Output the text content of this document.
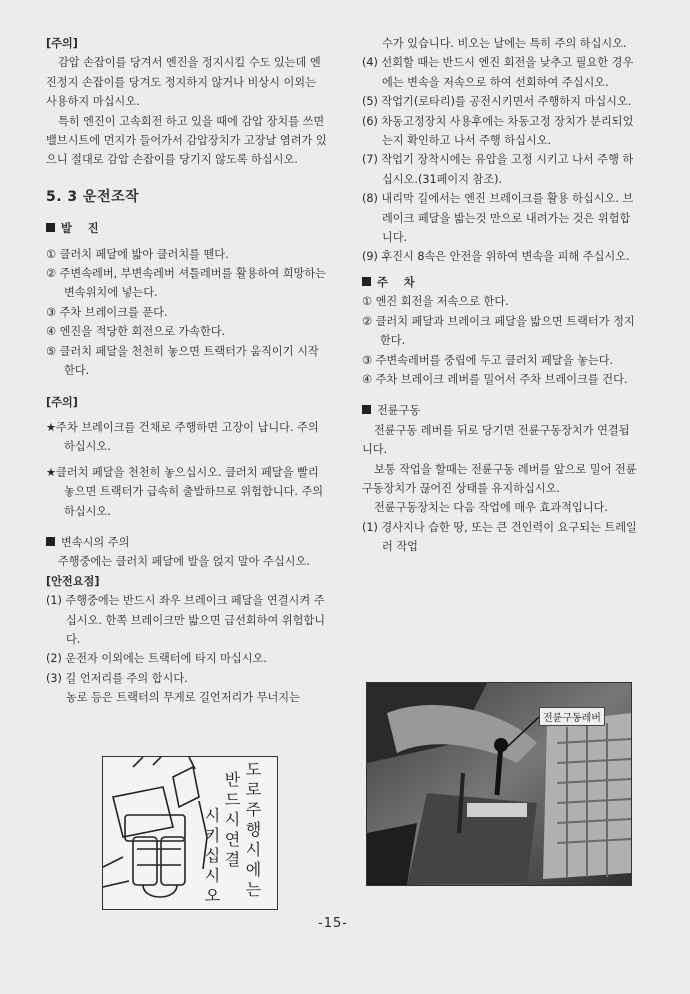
[주의]

감압 손잡이를 당겨서 엔진을 정지시킬 수도 있는데 엔진정지 손잡이를 당겨도 정지하지 않거나 비상시 이외는 사용하지 마십시오.

특히 엔진이 고속회전 하고 있을 때에 감압 장치를 쓰면 밸브시트에 먼지가 들어가서 감압장치가 고장날 염려가 있으니 절대로 감압 손잡이를 당기지 않도록 하십시오.

5. 3 운전조작

발 진

① 클러치 페달에 밟아 클러치를 뗀다.

② 주변속레버, 부변속레버 셔틀레버를 활용하여 희망하는 변속위치에 넣는다.

③ 주차 브레이크를 푼다.

④ 엔진을 적당한 회전으로 가속한다.

⑤ 클러치 페달을 천천히 놓으면 트랙터가 움직이기 시작한다.

[주의]

★주차 브레이크를 건채로 주행하면 고장이 납니다. 주의하십시오.

★클러치 페달을 천천히 놓으십시오. 클러치 페달을 빨리 놓으면 트랙터가 급속히 출발하므로 위험합니다. 주의 하십시오.

변속시의 주의

주행중에는 클러치 페달에 발을 얹지 말아 주십시오.

[안전요점]

(1) 주행중에는 반드시 좌우 브레이크 페달을 연결시켜 주십시오. 한쪽 브레이크만 밟으면 급선회하여 위험합니다.

(2) 운전자 이외에는 트랙터에 타지 마십시오.

(3) 길 언저리를 주의 합시다.

농로 등은 트랙터의 무게로 길언저리가 무너지는

도로주행시에는
반드시연결
시키십시오

수가 있습니다. 비오는 날에는 특히 주의 하십시오.

(4) 선회할 때는 반드시 엔진 회전을 낮추고 필요한 경우에는 변속을 저속으로 하여 선회하여 주십시오.

(5) 작업기(로타리)를 공전시키면서 주행하지 마십시오.

(6) 차동고정장치 사용후에는 차동고정 장치가 분리되었는지 확인하고 나서 주행 하십시오.

(7) 작업기 장착시에는 유압을 고정 시키고 나서 주행 하십시오.(31페이지 참조).

(8) 내리막 길에서는 엔진 브레이크를 활용 하십시오. 브레이크 페달을 밟는것 만으로 내려가는 것은 위험합니다.

(9) 후진시 8속은 안전을 위하여 변속을 피해 주십시오.

주 차

① 엔진 회전을 저속으로 한다.

② 클러치 페달과 브레이크 페달을 밟으면 트랙터가 정지한다.

③ 주변속레버를 중립에 두고 클러치 페달을 놓는다.

④ 주차 브레이크 레버를 밀어서 주차 브레이크를 건다.

전륜구동

전륜구동 레버를 뒤로 당기면 전륜구동장치가 연결됩니다.

보통 작업을 할때는 전륜구동 레버를 앞으로 밀어 전륜구동장치가 끊어진 상태를 유지하십시오.

전륜구동장치는 다음 작업에 매우 효과적입니다.

(1) 경사지나 습한 땅, 또는 큰 견인력이 요구되는 트레일러 작업

전륜구동레버
-15-
